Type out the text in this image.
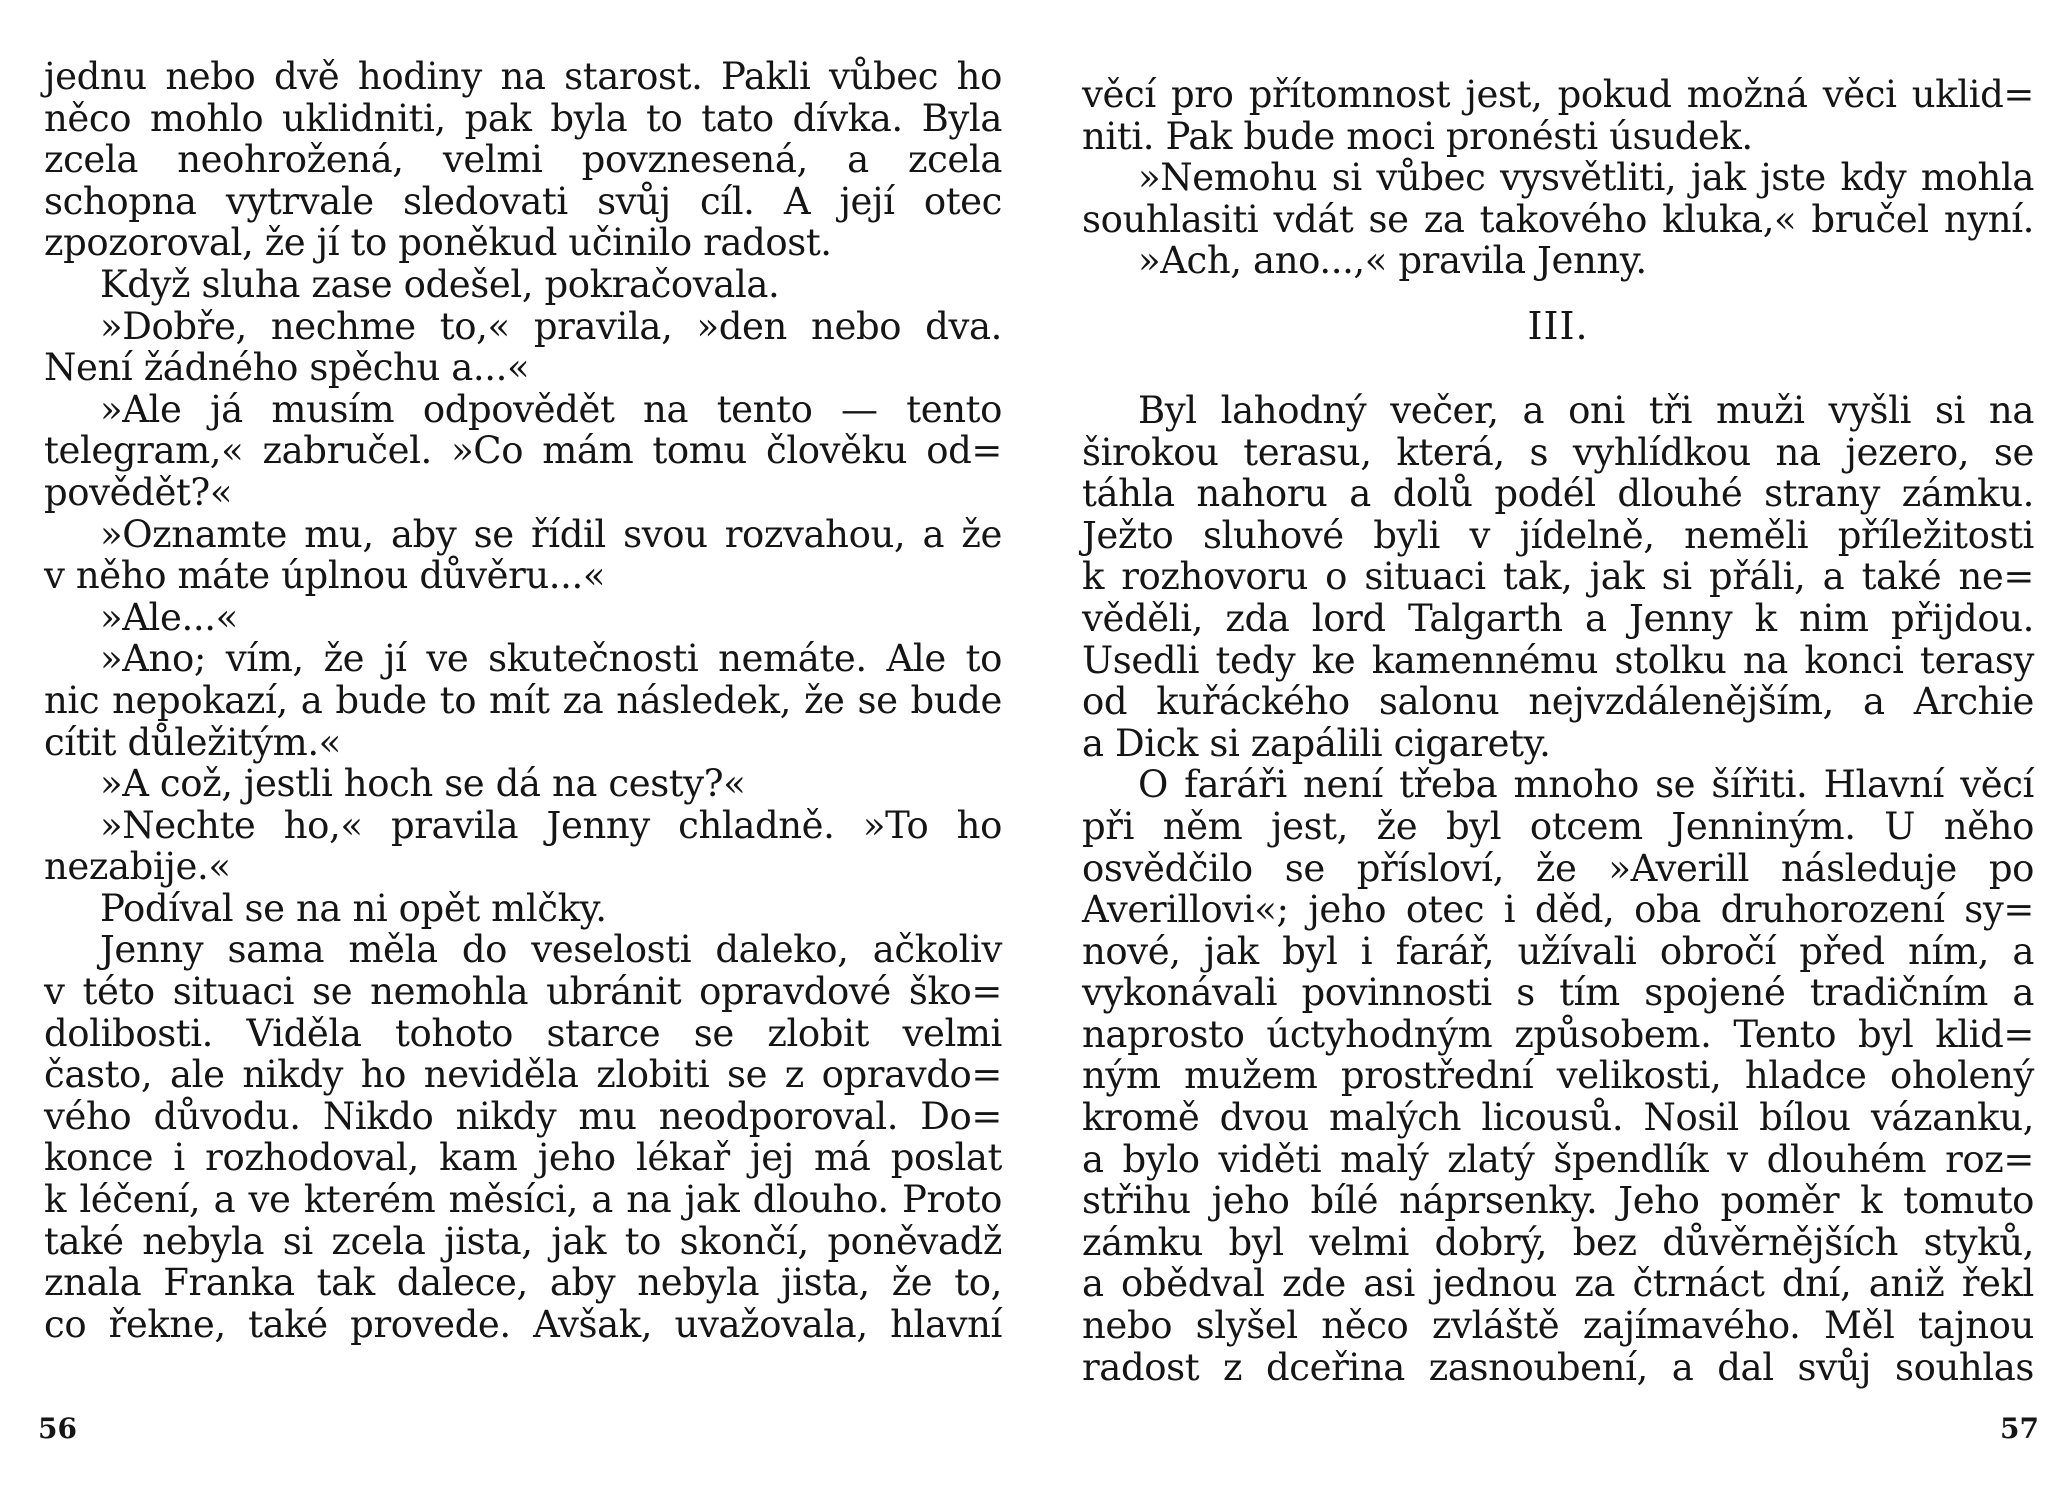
jednu nebo dvě hodiny na starost. Pakli vůbec ho
něco mohlo uklidniti, pak byla to tato dívka. Byla
zcela neohrožená, velmi povznesená, a zcela
schopna vytrvale sledovati svůj cíl. A její otec
zpozoroval, že jí to poněkud učinilo radost.
Když sluha zase odešel, pokračovala.
»Dobře, nechme to,« pravila, »den nebo dva.
Není žádného spěchu a...«
»Ale já musím odpovědět na tento — tento
telegram,« zabručel. »Co mám tomu člověku od=
povědět?«
»Oznamte mu, aby se řídil svou rozvahou, a že
v něho máte úplnou důvěru...«
»Ale...«
»Ano; vím, že jí ve skutečnosti nemáte. Ale to
nic nepokazí, a bude to mít za následek, že se bude
cítit důležitým.«
»A což, jestli hoch se dá na cesty?«
»Nechte ho,« pravila Jenny chladně. »To ho
nezabije.«
Podíval se na ni opět mlčky.
Jenny sama měla do veselosti daleko, ačkoliv
v této situaci se nemohla ubránit opravdové ško=
dolibosti. Viděla tohoto starce se zlobit velmi
často, ale nikdy ho neviděla zlobiti se z opravdo=
vého důvodu. Nikdo nikdy mu neodporoval. Do=
konce i rozhodoval, kam jeho lékař jej má poslat
k léčení, a ve kterém měsíci, a na jak dlouho. Proto
také nebyla si zcela jista, jak to skončí, poněvadž
znala Franka tak dalece, aby nebyla jista, že to,
co řekne, také provede. Avšak, uvažovala, hlavní
56
věcí pro přítomnost jest, pokud možná věci uklid=
niti. Pak bude moci pronésti úsudek.
»Nemohu si vůbec vysvětliti, jak jste kdy mohla
souhlasiti vdát se za takového kluka,« bručel nyní.
»Ach, ano...,« pravila Jenny.
III.
Byl lahodný večer, a oni tři muži vyšli si na
širokou terasu, která, s vyhlídkou na jezero, se
táhla nahoru a dolů podél dlouhé strany zámku.
Ježto sluhové byli v jídelně, neměli příležitosti
k rozhovoru o situaci tak, jak si přáli, a také ne=
věděli, zda lord Talgarth a Jenny k nim přijdou.
Usedli tedy ke kamennému stolku na konci terasy
od kuřáckého salonu nejvzdálenějším, a Archie
a Dick si zapálili cigarety.
O faráři není třeba mnoho se šířiti. Hlavní věcí
při něm jest, že byl otcem Jenniným. U něho
osvědčilo se přísloví, že »Averill následuje po
Averillovi«; jeho otec i děd, oba druhorození sy=
nové, jak byl i farář, užívali obročí před ním, a
vykonávali povinnosti s tím spojené tradičním a
naprosto úctyhodným způsobem. Tento byl klid=
ným mužem prostřední velikosti, hladce oholený
kromě dvou malých licousů. Nosil bílou vázanku,
a bylo viděti malý zlatý špendlík v dlouhém roz=
střihu jeho bílé náprsenky. Jeho poměr k tomuto
zámku byl velmi dobrý, bez důvěrnějších styků,
a obědval zde asi jednou za čtrnáct dní, aniž řekl
nebo slyšel něco zvláště zajímavého. Měl tajnou
radost z dceřina zasnoubení, a dal svůj souhlas
57
